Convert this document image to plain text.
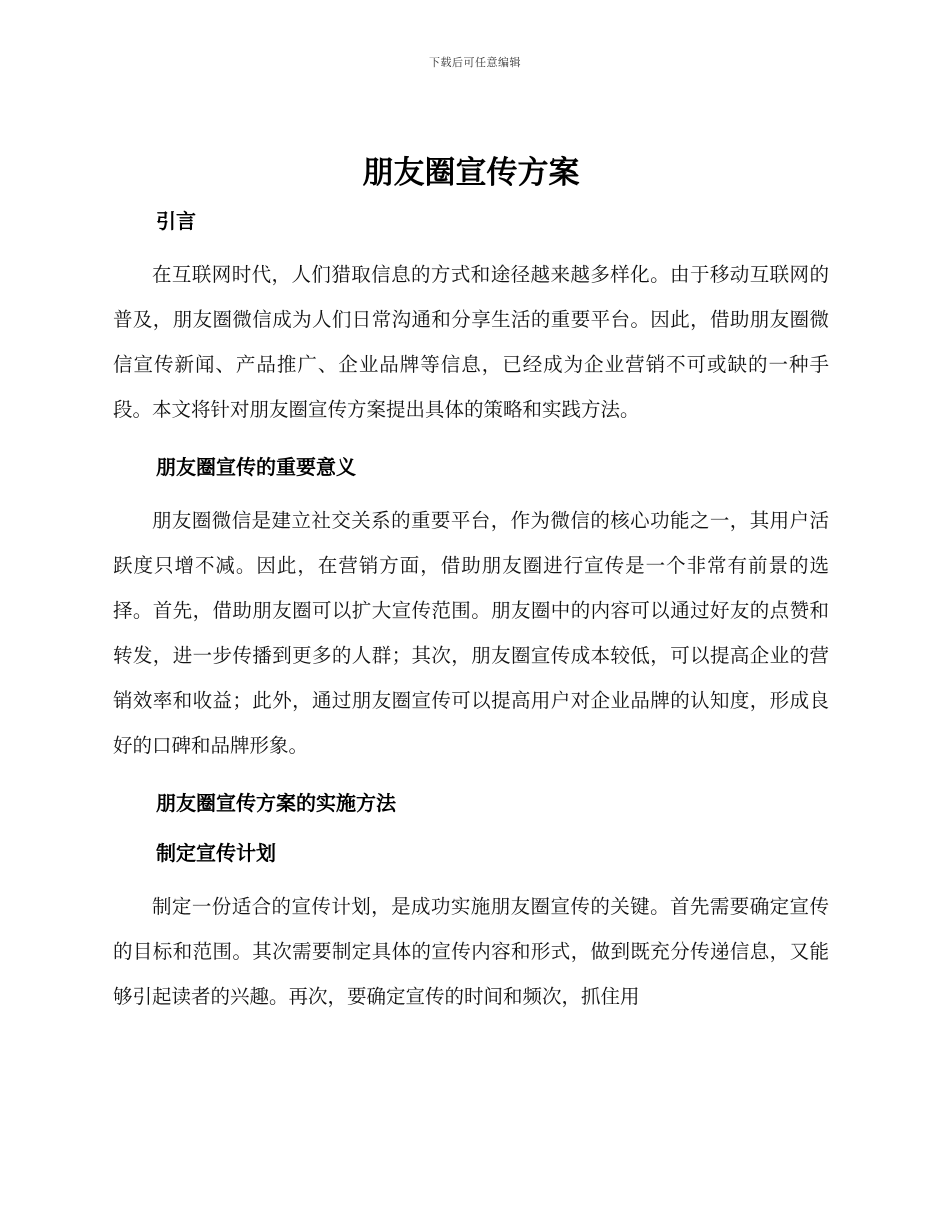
下载后可任意编辑
朋友圈宣传方案
引言

在互联网时代，人们猎取信息的方式和途径越来越多样化。由于移动互联网的普及，朋友圈微信成为人们日常沟通和分享生活的重要平台。因此，借助朋友圈微信宣传新闻、产品推广、企业品牌等信息，已经成为企业营销不可或缺的一种手段。本文将针对朋友圈宣传方案提出具体的策略和实践方法。

朋友圈宣传的重要意义

朋友圈微信是建立社交关系的重要平台，作为微信的核心功能之一，其用户活跃度只增不减。因此，在营销方面，借助朋友圈进行宣传是一个非常有前景的选择。首先，借助朋友圈可以扩大宣传范围。朋友圈中的内容可以通过好友的点赞和转发，进一步传播到更多的人群；其次，朋友圈宣传成本较低，可以提高企业的营销效率和收益；此外，通过朋友圈宣传可以提高用户对企业品牌的认知度，形成良好的口碑和品牌形象。

朋友圈宣传方案的实施方法
制定宣传计划

制定一份适合的宣传计划，是成功实施朋友圈宣传的关键。首先需要确定宣传的目标和范围。其次需要制定具体的宣传内容和形式，做到既充分传递信息，又能够引起读者的兴趣。再次，要确定宣传的时间和频次，抓住用
